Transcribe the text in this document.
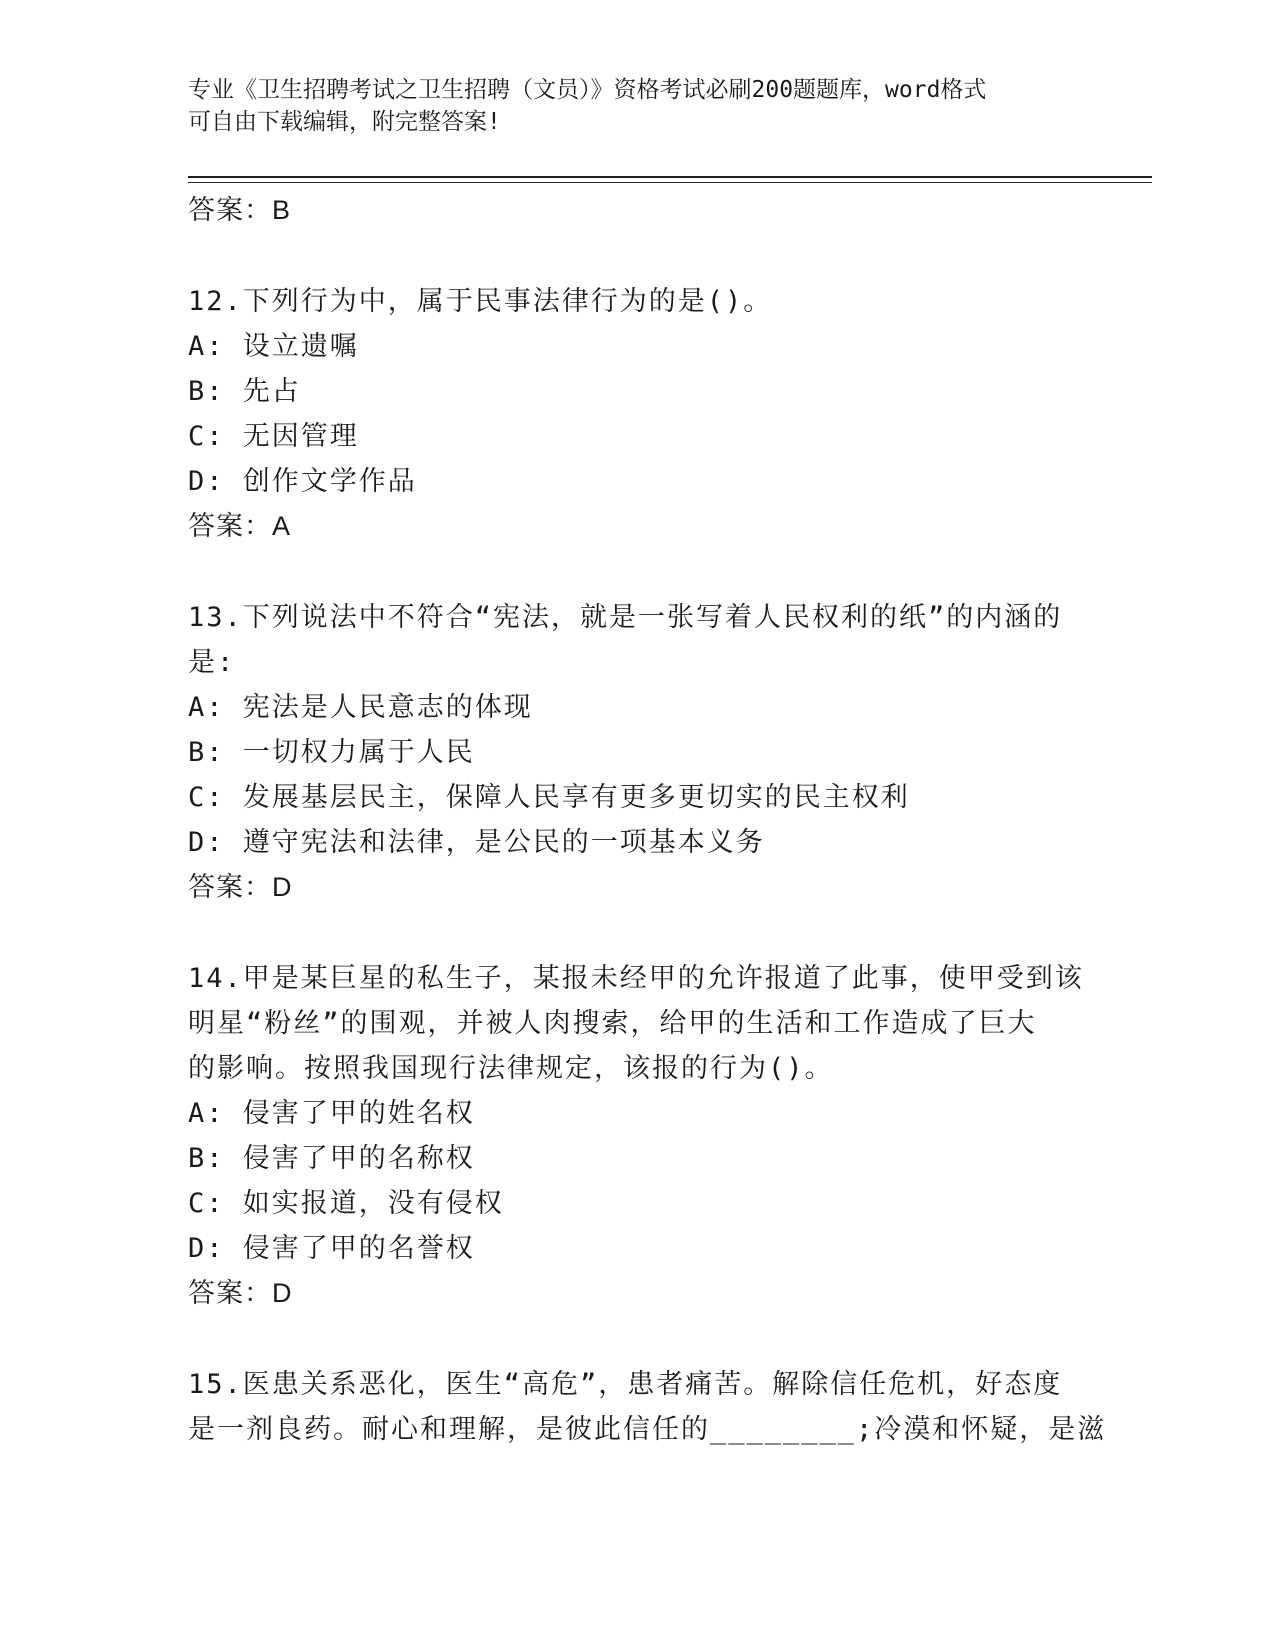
专业《卫生招聘考试之卫生招聘（文员）》资格考试必刷200题题库，word格式
可自由下载编辑，附完整答案!
答案：B
12.下列行为中，属于民事法律行为的是()。
A: 设立遗嘱
B: 先占
C: 无因管理
D: 创作文学作品
答案：A
13.下列说法中不符合“宪法，就是一张写着人民权利的纸”的内涵的
是:
A: 宪法是人民意志的体现
B: 一切权力属于人民
C: 发展基层民主，保障人民享有更多更切实的民主权利
D: 遵守宪法和法律，是公民的一项基本义务
答案：D
14.甲是某巨星的私生子，某报未经甲的允许报道了此事，使甲受到该
明星“粉丝”的围观，并被人肉搜索，给甲的生活和工作造成了巨大
的影响。按照我国现行法律规定，该报的行为()。
A: 侵害了甲的姓名权
B: 侵害了甲的名称权
C: 如实报道，没有侵权
D: 侵害了甲的名誉权
答案：D
15.医患关系恶化，医生“高危”，患者痛苦。解除信任危机，好态度
是一剂良药。耐心和理解，是彼此信任的________;冷漠和怀疑，是滋
